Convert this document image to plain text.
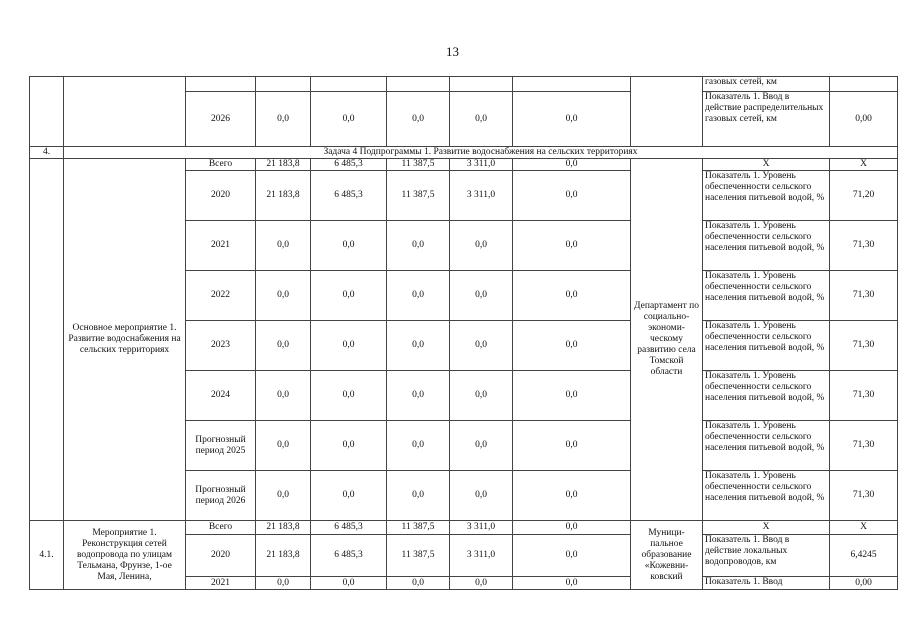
13
									газовых сетей, км	
		2026	0,0	0,0	0,0	0,0	0,0		Показатель 1. Ввод в действие распределительных газовых сетей, км	0,00
4.	Задача 4 Подпрограммы 1. Развитие водоснабжения на сельских территориях									
	Основное мероприятие 1. Развитие водоснабжения на сельских территориях	Всего	21 183,8	6 485,3	11 387,5	3 311,0	0,0	Департамент по социально-экономи-ческому развитию села Томской области	X	X
		2020	21 183,8	6 485,3	11 387,5	3 311,0	0,0		Показатель 1. Уровень обеспеченности сельского населения питьевой водой, %	71,20
		2021	0,0	0,0	0,0	0,0	0,0		Показатель 1. Уровень обеспеченности сельского населения питьевой водой, %	71,30
		2022	0,0	0,0	0,0	0,0	0,0		Показатель 1. Уровень обеспеченности сельского населения питьевой водой, %	71,30
		2023	0,0	0,0	0,0	0,0	0,0		Показатель 1. Уровень обеспеченности сельского населения питьевой водой, %	71,30
		2024	0,0	0,0	0,0	0,0	0,0		Показатель 1. Уровень обеспеченности сельского населения питьевой водой, %	71,30
		Прогнозный период 2025	0,0	0,0	0,0	0,0	0,0		Показатель 1. Уровень обеспеченности сельского населения питьевой водой, %	71,30
		Прогнозный период 2026	0,0	0,0	0,0	0,0	0,0		Показатель 1. Уровень обеспеченности сельского населения питьевой водой, %	71,30
4.1.	Мероприятие 1. Реконструкция сетей водопровода по улицам Тельмана, Фрунзе, 1-ое Мая, Ленина,	Всего	21 183,8	6 485,3	11 387,5	3 311,0	0,0	Муници-пальное образование «Кожевни-ковский	X	X
		2020	21 183,8	6 485,3	11 387,5	3 311,0	0,0		Показатель 1. Ввод в действие локальных водопроводов, км	6,4245
		2021	0,0	0,0	0,0	0,0	0,0		Показатель 1. Ввод	0,00
